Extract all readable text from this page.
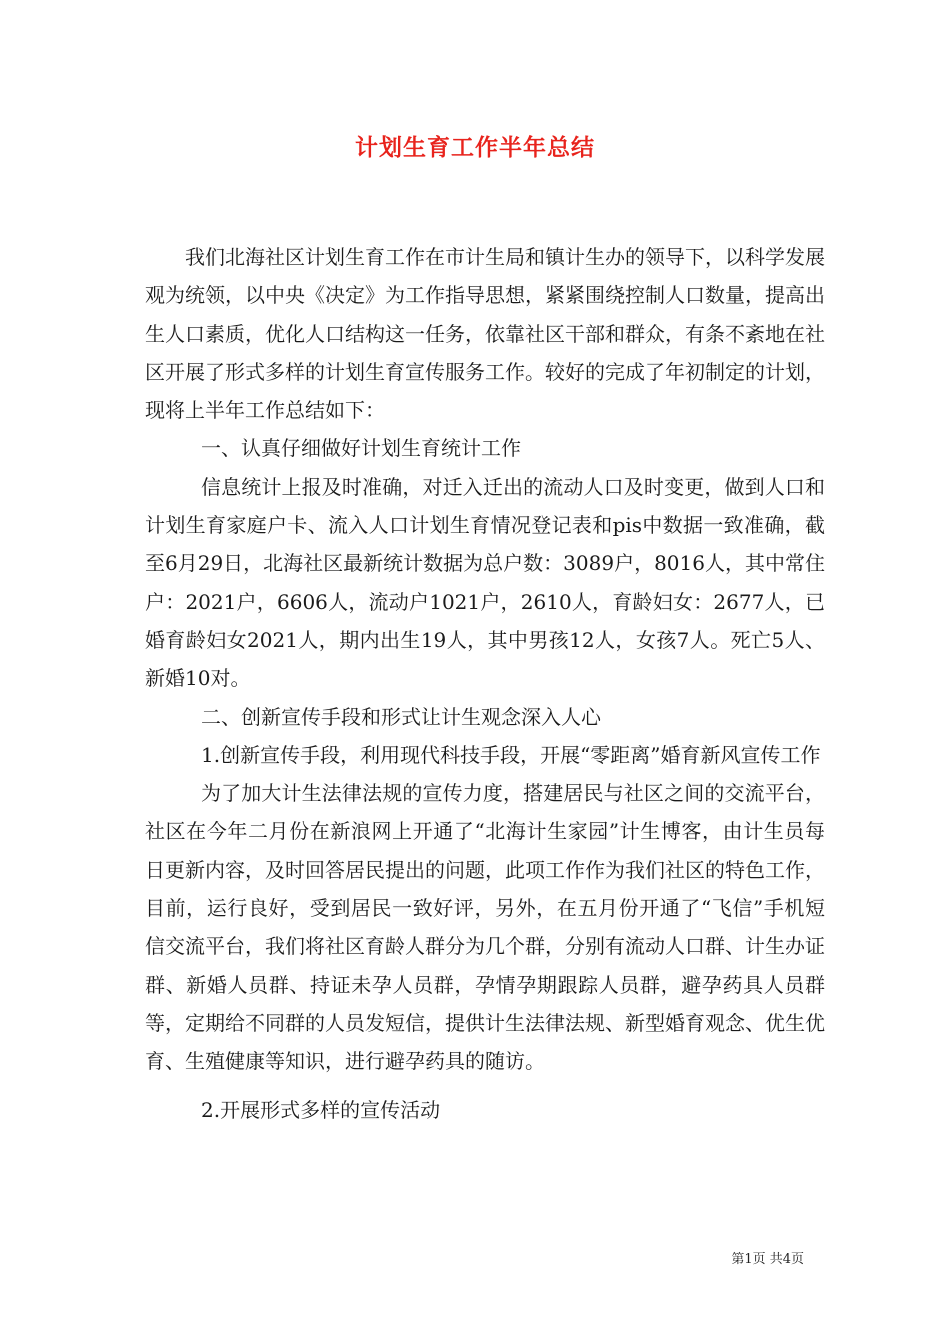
计划生育工作半年总结

我们北海社区计划生育工作在市计生局和镇计生办的领导下，以科学发展观为统领，以中央《决定》为工作指导思想，紧紧围绕控制人口数量，提高出生人口素质，优化人口结构这一任务，依靠社区干部和群众，有条不紊地在社区开展了形式多样的计划生育宣传服务工作。较好的完成了年初制定的计划，现将上半年工作总结如下：

一、认真仔细做好计划生育统计工作

信息统计上报及时准确，对迁入迁出的流动人口及时变更，做到人口和计划生育家庭户卡、流入人口计划生育情况登记表和pis中数据一致准确，截至6月29日，北海社区最新统计数据为总户数：3089户，8016人，其中常住户：2021户，6606人，流动户1021户，2610人，育龄妇女：2677人，已婚育龄妇女2021人，期内出生19人，其中男孩12人，女孩7人。死亡5人、新婚10对。

二、创新宣传手段和形式让计生观念深入人心

1.创新宣传手段，利用现代科技手段，开展“零距离”婚育新风宣传工作

为了加大计生法律法规的宣传力度，搭建居民与社区之间的交流平台，社区在今年二月份在新浪网上开通了“北海计生家园”计生博客，由计生员每日更新内容，及时回答居民提出的问题，此项工作作为我们社区的特色工作，目前，运行良好，受到居民一致好评，另外，在五月份开通了“飞信”手机短信交流平台，我们将社区育龄人群分为几个群，分别有流动人口群、计生办证群、新婚人员群、持证未孕人员群，孕情孕期跟踪人员群，避孕药具人员群等，定期给不同群的人员发短信，提供计生法律法规、新型婚育观念、优生优育、生殖健康等知识，进行避孕药具的随访。

2.开展形式多样的宣传活动

第1页 共4页
